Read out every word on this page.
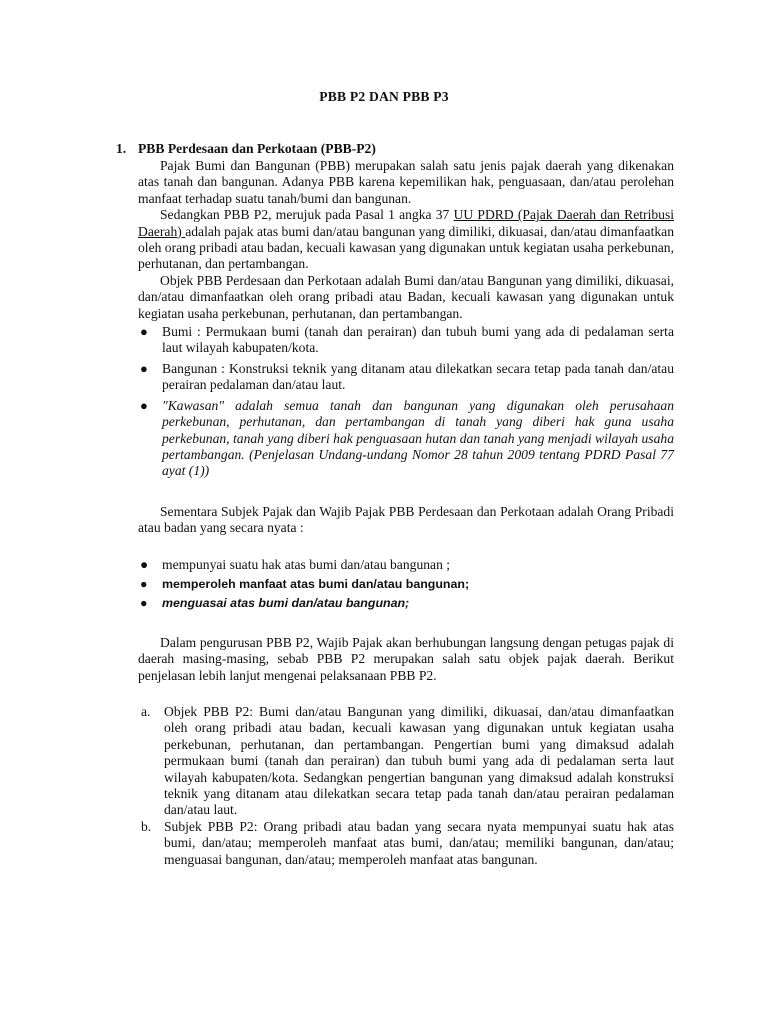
PBB P2 DAN PBB P3
1. PBB Perdesaan dan Perkotaan (PBB-P2)

Pajak Bumi dan Bangunan (PBB) merupakan salah satu jenis pajak daerah yang dikenakan atas tanah dan bangunan. Adanya PBB karena kepemilikan hak, penguasaan, dan/atau perolehan manfaat terhadap suatu tanah/bumi dan bangunan.

Sedangkan PBB P2, merujuk pada Pasal 1 angka 37 UU PDRD (Pajak Daerah dan Retribusi Daerah) adalah pajak atas bumi dan/atau bangunan yang dimiliki, dikuasai, dan/atau dimanfaatkan oleh orang pribadi atau badan, kecuali kawasan yang digunakan untuk kegiatan usaha perkebunan, perhutanan, dan pertambangan.

Objek PBB Perdesaan dan Perkotaan adalah Bumi dan/atau Bangunan yang dimiliki, dikuasai, dan/atau dimanfaatkan oleh orang pribadi atau Badan, kecuali kawasan yang digunakan untuk kegiatan usaha perkebunan, perhutanan, dan pertambangan.

● Bumi : Permukaan bumi (tanah dan perairan) dan tubuh bumi yang ada di pedalaman serta laut wilayah kabupaten/kota.
● Bangunan : Konstruksi teknik yang ditanam atau dilekatkan secara tetap pada tanah dan/atau perairan pedalaman dan/atau laut.
● "Kawasan" adalah semua tanah dan bangunan yang digunakan oleh perusahaan perkebunan, perhutanan, dan pertambangan di tanah yang diberi hak guna usaha perkebunan, tanah yang diberi hak penguasaan hutan dan tanah yang menjadi wilayah usaha pertambangan. (Penjelasan Undang-undang Nomor 28 tahun 2009 tentang PDRD Pasal 77 ayat (1))

Sementara Subjek Pajak dan Wajib Pajak PBB Perdesaan dan Perkotaan adalah Orang Pribadi atau badan yang secara nyata :

● mempunyai suatu hak atas bumi dan/atau bangunan ;
● memperoleh manfaat atas bumi dan/atau bangunan;
● menguasai atas bumi dan/atau bangunan;

Dalam pengurusan PBB P2, Wajib Pajak akan berhubungan langsung dengan petugas pajak di daerah masing-masing, sebab PBB P2 merupakan salah satu objek pajak daerah. Berikut penjelasan lebih lanjut mengenai pelaksanaan PBB P2.

a. Objek PBB P2: Bumi dan/atau Bangunan yang dimiliki, dikuasai, dan/atau dimanfaatkan oleh orang pribadi atau badan, kecuali kawasan yang digunakan untuk kegiatan usaha perkebunan, perhutanan, dan pertambangan. Pengertian bumi yang dimaksud adalah permukaan bumi (tanah dan perairan) dan tubuh bumi yang ada di pedalaman serta laut wilayah kabupaten/kota. Sedangkan pengertian bangunan yang dimaksud adalah konstruksi teknik yang ditanam atau dilekatkan secara tetap pada tanah dan/atau perairan pedalaman dan/atau laut.
b. Subjek PBB P2: Orang pribadi atau badan yang secara nyata mempunyai suatu hak atas bumi, dan/atau; memperoleh manfaat atas bumi, dan/atau; memiliki bangunan, dan/atau; menguasai bangunan, dan/atau; memperoleh manfaat atas bangunan.
